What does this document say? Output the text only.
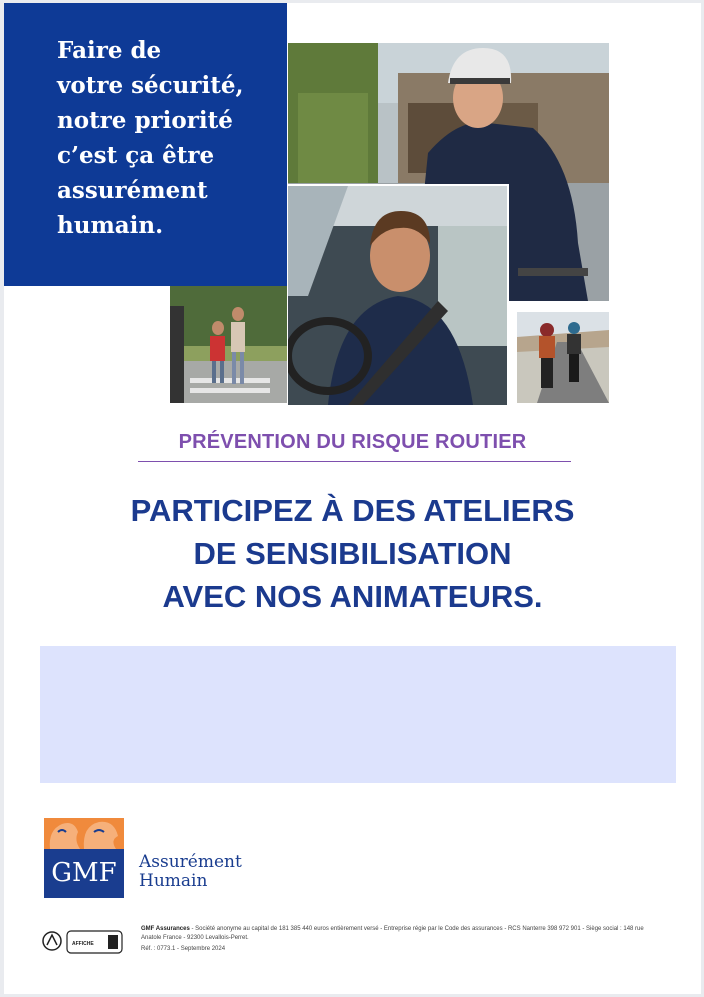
Faire de
votre sécurité,
notre priorité
c’est ça être
assurément
humain.

PRÉVENTION DU RISQUE ROUTIER

PARTICIPEZ À DES ATELIERS
DE SENSIBILISATION
AVEC NOS ANIMATEURS.

GMF	Assurément
Humain

AFFICHE

GMF Assurances - Société anonyme au capital de 181 385 440 euros entièrement versé - Entreprise régie par le Code des assurances - RCS Nanterre 398 972 901 - Siège social : 148 rue Anatole France - 92300 Levallois-Perret.
Réf. : 0773.1 - Septembre 2024
